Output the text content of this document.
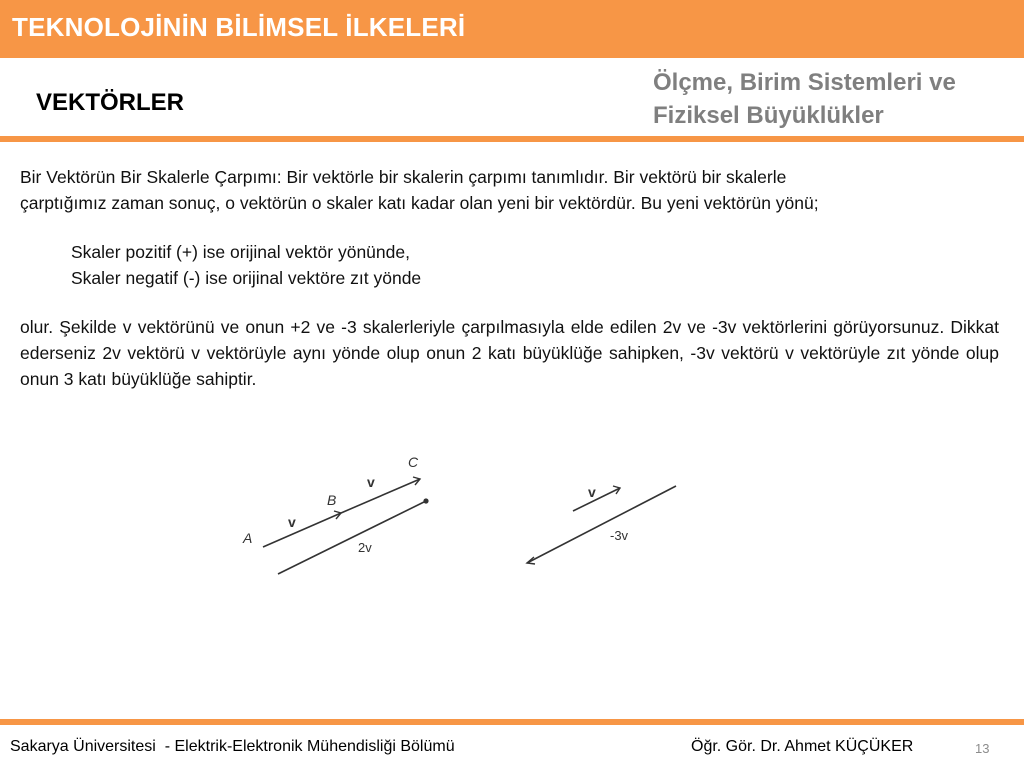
TEKNOLOJİNİN BİLİMSEL İLKELERİ
VEKTÖRLER
Ölçme, Birim Sistemleri ve
Fiziksel Büyüklükler

Bir Vektörün Bir Skalerle Çarpımı: Bir vektörle bir skalerin çarpımı tanımlıdır. Bir vektörü bir skalerle

çarptığımız zaman sonuç, o vektörün o skaler katı kadar olan yeni bir vektördür. Bu yeni vektörün yönü;

Skaler pozitif (+) ise orijinal vektör yönünde,

Skaler negatif (-) ise orijinal vektöre zıt yönde

olur. Şekilde v vektörünü ve onun +2 ve -3 skalerleriyle çarpılmasıyla elde edilen 2v ve -3v vektörlerini görüyorsunuz. Dikkat ederseniz 2v vektörü v vektörüyle aynı yönde olup onun 2 katı büyüklüğe sahipken, -3v vektörü v vektörüyle zıt yönde olup onun 3 katı büyüklüğe sahiptir.

A
B
C
v
v
2v
v
-3v
Sakarya Üniversitesi  - Elektrik-Elektronik Mühendisliği Bölümü	Öğr. Gör. Dr. Ahmet KÜÇÜKER	13
